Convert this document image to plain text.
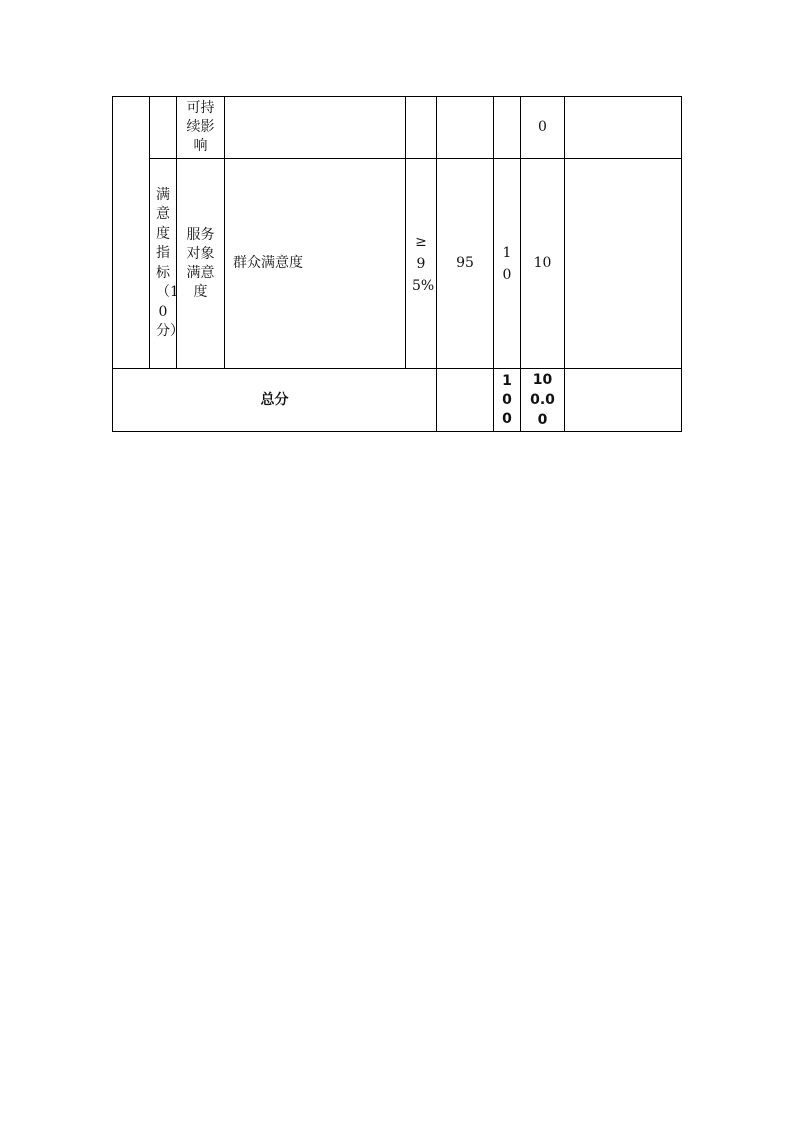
可持续影响
0
满意度指标（10分）
服务对象满意度
群众满意度
≥95%
95
10
10
总分
100
100.00
